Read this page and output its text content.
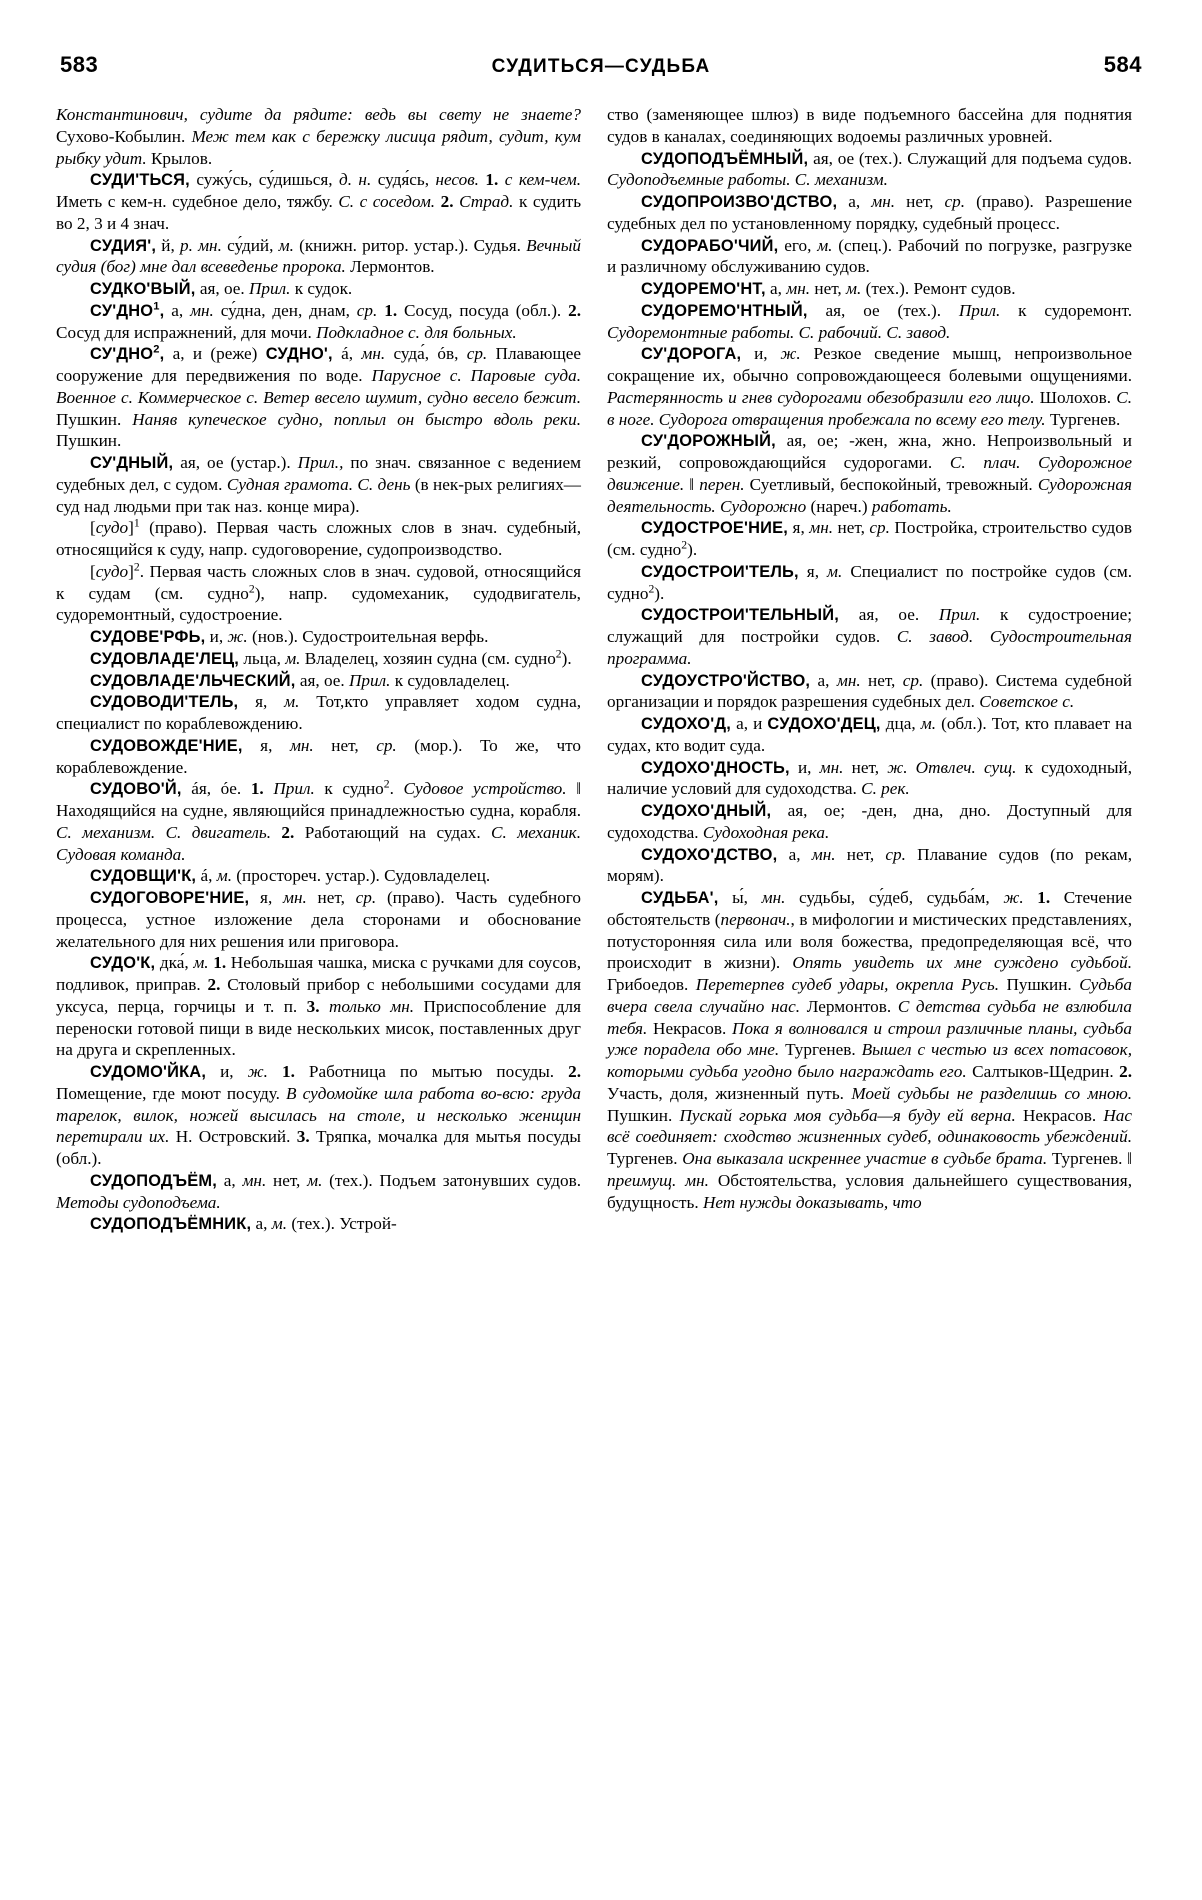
583	СУДИТЬСЯ—СУДЬБА	584

Константинович, судите да рядите: ведь вы свету не знаете? Сухово-Кобылин. Меж тем как с бережку лисица рядит, судит, кум рыбку удит. Крылов.

СУДИ'ТЬСЯ, сужу́сь, су́дишься, д. н. судя́сь, несов. 1. с кем-чем. Иметь с кем-н. судебное дело, тяжбу. С. с соседом. 2. Страд. к судить во 2, 3 и 4 знач.

СУДИЯ', й, р. мн. су́дий, м. (книжн. ритор. устар.). Судья. Вечный судия (бог) мне дал всеведенье пророка. Лермонтов.

СУДКО'ВЫЙ, ая, ое. Прил. к судок.

СУ'ДНО$^1$, а, мн. су́дна, ден, днам, ср. 1. Сосуд, посуда (обл.). 2. Сосуд для испражнений, для мочи. Подкладное с. для больных.

СУ'ДНО$^2$, а, и (реже) СУДНО', á, мн. суда́, óв, ср. Плавающее сооружение для передвижения по воде. Парусное с. Паровые суда. Военное с. Коммерческое с. Ветер весело шумит, судно весело бежит. Пушкин. Наняв купеческое судно, поплыл он быстро вдоль реки. Пушкин.

СУ'ДНЫЙ, ая, ое (устар.). Прил., по знач. связанное с ведением судебных дел, с судом. Судная грамота. С. день (в нек-рых религиях—суд над людьми при так наз. конце мира).

[судо]$^1$ (право). Первая часть сложных слов в знач. судебный, относящийся к суду, напр. судоговорение, судопроизводство.

[судо]$^2$. Первая часть сложных слов в знач. судовой, относящийся к судам (см. судно$^2$), напр. судомеханик, судодвигатель, судоремонтный, судостроение.

СУДОВЕ'РФЬ, и, ж. (нов.). Судостроительная верфь.

СУДОВЛАДЕ'ЛЕЦ, льца, м. Владелец, хозяин судна (см. судно$^2$).

СУДОВЛАДЕ'ЛЬЧЕСКИЙ, ая, ое. Прил. к судовладелец.

СУДОВОДИ'ТЕЛЬ, я, м. Тот,кто управляет ходом судна, специалист по кораблевождению.

СУДОВОЖДЕ'НИЕ, я, мн. нет, ср. (мор.). То же, что кораблевождение.

СУДОВО'Й, áя, óе. 1. Прил. к судно$^2$. Судовое устройство. ‖ Находящийся на судне, являющийся принадлежностью судна, корабля. С. механизм. С. двигатель. 2. Работающий на судах. С. механик. Судовая команда.

СУДОВЩИ'К, á, м. (простореч. устар.). Судовладелец.

СУДОГОВОРЕ'НИЕ, я, мн. нет, ср. (право). Часть судебного процесса, устное изложение дела сторонами и обоснование желательного для них решения или приговора.

СУДО'К, дка́, м. 1. Небольшая чашка, миска с ручками для соусов, подливок, приправ. 2. Столовый прибор с небольшими сосудами для уксуса, перца, горчицы и т. п. 3. только мн. Приспособление для переноски готовой пищи в виде нескольких мисок, поставленных друг на друга и скрепленных.

СУДОМО'ЙКА, и, ж. 1. Работница по мытью посуды. 2. Помещение, где моют посуду. В судомойке шла работа во-всю: груда тарелок, вилок, ножей высилась на столе, и несколько женщин перетирали их. Н. Островский. 3. Тряпка, мочалка для мытья посуды (обл.).

СУДОПОДЪЁМ, а, мн. нет, м. (тех.). Подъем затонувших судов. Методы судоподъема.

СУДОПОДЪЁМНИК, а, м. (тех.). Устрой-

ство (заменяющее шлюз) в виде подъемного бассейна для поднятия судов в каналах, соединяющих водоемы различных уровней.

СУДОПОДЪЁМНЫЙ, ая, ое (тех.). Служащий для подъема судов. Судоподъемные работы. С. механизм.

СУДОПРОИЗВО'ДСТВО, а, мн. нет, ср. (право). Разрешение судебных дел по установленному порядку, судебный процесс.

СУДОРАБО'ЧИЙ, его, м. (спец.). Рабочий по погрузке, разгрузке и различному обслуживанию судов.

СУДОРЕМО'НТ, а, мн. нет, м. (тех.). Ремонт судов.

СУДОРЕМО'НТНЫЙ, ая, ое (тех.). Прил. к судоремонт. Судоремонтные работы. С. рабочий. С. завод.

СУ'ДОРОГА, и, ж. Резкое сведение мышц, непроизвольное сокращение их, обычно сопровождающееся болевыми ощущениями. Растерянность и гнев судорогами обезобразили его лицо. Шолохов. С. в ноге. Судорога отвращения пробежала по всему его телу. Тургенев.

СУ'ДОРОЖНЫЙ, ая, ое; -жен, жна, жно. Непроизвольный и резкий, сопровождающийся судорогами. С. плач. Судорожное движение. ‖ перен. Суетливый, беспокойный, тревожный. Судорожная деятельность. Судорожно (нареч.) работать.

СУДОСТРОЕ'НИЕ, я, мн. нет, ср. Постройка, строительство судов (см. судно$^2$).

СУДОСТРОИ'ТЕЛЬ, я, м. Специалист по постройке судов (см. судно$^2$).

СУДОСТРОИ'ТЕЛЬНЫЙ, ая, ое. Прил. к судостроение; служащий для постройки судов. С. завод. Судостроительная программа.

СУДОУСТРО'ЙСТВО, а, мн. нет, ср. (право). Система судебной организации и порядок разрешения судебных дел. Советское с.

СУДОХО'Д, а, и СУДОХО'ДЕЦ, дца, м. (обл.). Тот, кто плавает на судах, кто водит суда.

СУДОХО'ДНОСТЬ, и, мн. нет, ж. Отвлеч. сущ. к судоходный, наличие условий для судоходства. С. рек.

СУДОХО'ДНЫЙ, ая, ое; -ден, дна, дно. Доступный для судоходства. Судоходная река.

СУДОХО'ДСТВО, а, мн. нет, ср. Плавание судов (по рекам, морям).

СУДЬБА', ы́, мн. судьбы, су́деб, судьба́м, ж. 1. Стечение обстоятельств (первонач., в мифологии и мистических представлениях, потусторонняя сила или воля божества, предопределяющая всё, что происходит в жизни). Опять увидеть их мне суждено судьбой. Грибоедов. Перетерпев судеб удары, окрепла Русь. Пушкин. Судьба вчера свела случайно нас. Лермонтов. С детства судьба не взлюбила тебя. Некрасов. Пока я волновался и строил различные планы, судьба уже порадела обо мне. Тургенев. Вышел с честью из всех потасовок, которыми судьба угодно было награждать его. Салтыков-Щедрин. 2. Участь, доля, жизненный путь. Моей судьбы не разделишь со мною. Пушкин. Пускай горька моя судьба—я буду ей верна. Некрасов. Нас всё соединяет: сходство жизненных судеб, одинаковость убеждений. Тургенев. Она выказала искреннее участие в судьбе брата. Тургенев. ‖ преимущ. мн. Обстоятельства, условия дальнейшего существования, будущность. Нет нужды доказывать, что
